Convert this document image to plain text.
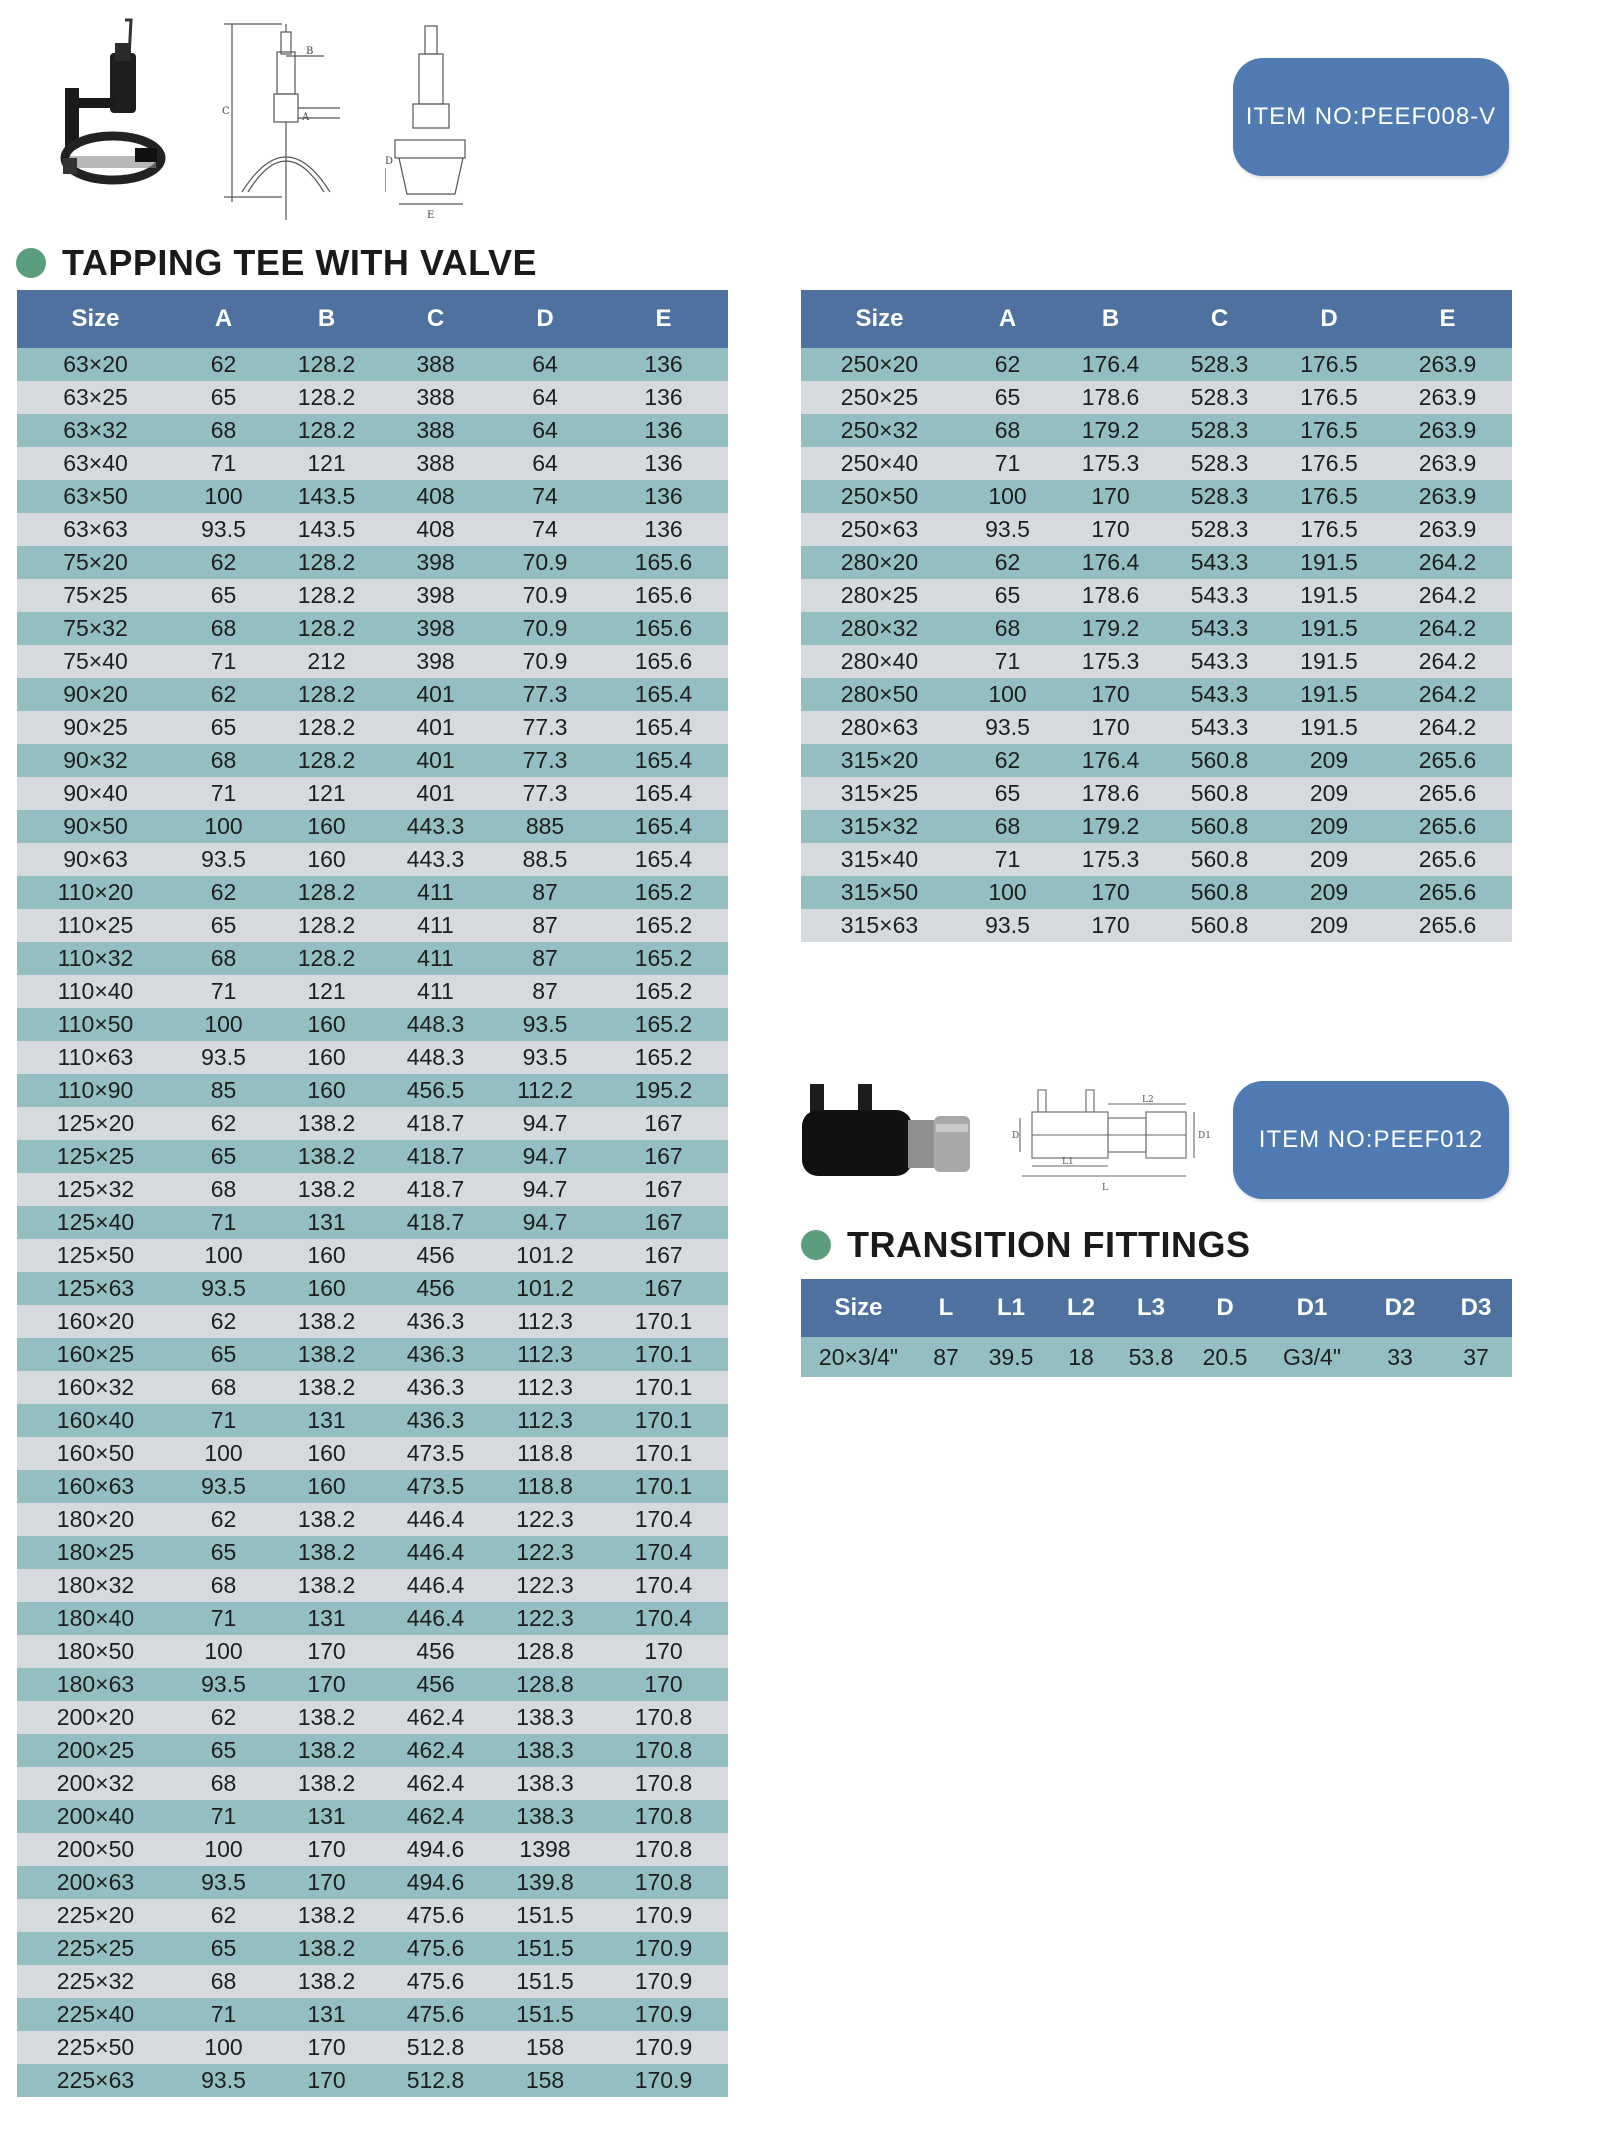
B
C
A
D
E
ITEM NO:PEEF008-V
TAPPING TEE WITH VALVE
Size	A	B	C	D	E
63×20	62	128.2	388	64	136
63×25	65	128.2	388	64	136
63×32	68	128.2	388	64	136
63×40	71	121	388	64	136
63×50	100	143.5	408	74	136
63×63	93.5	143.5	408	74	136
75×20	62	128.2	398	70.9	165.6
75×25	65	128.2	398	70.9	165.6
75×32	68	128.2	398	70.9	165.6
75×40	71	212	398	70.9	165.6
90×20	62	128.2	401	77.3	165.4
90×25	65	128.2	401	77.3	165.4
90×32	68	128.2	401	77.3	165.4
90×40	71	121	401	77.3	165.4
90×50	100	160	443.3	885	165.4
90×63	93.5	160	443.3	88.5	165.4
110×20	62	128.2	411	87	165.2
110×25	65	128.2	411	87	165.2
110×32	68	128.2	411	87	165.2
110×40	71	121	411	87	165.2
110×50	100	160	448.3	93.5	165.2
110×63	93.5	160	448.3	93.5	165.2
110×90	85	160	456.5	112.2	195.2
125×20	62	138.2	418.7	94.7	167
125×25	65	138.2	418.7	94.7	167
125×32	68	138.2	418.7	94.7	167
125×40	71	131	418.7	94.7	167
125×50	100	160	456	101.2	167
125×63	93.5	160	456	101.2	167
160×20	62	138.2	436.3	112.3	170.1
160×25	65	138.2	436.3	112.3	170.1
160×32	68	138.2	436.3	112.3	170.1
160×40	71	131	436.3	112.3	170.1
160×50	100	160	473.5	118.8	170.1
160×63	93.5	160	473.5	118.8	170.1
180×20	62	138.2	446.4	122.3	170.4
180×25	65	138.2	446.4	122.3	170.4
180×32	68	138.2	446.4	122.3	170.4
180×40	71	131	446.4	122.3	170.4
180×50	100	170	456	128.8	170
180×63	93.5	170	456	128.8	170
200×20	62	138.2	462.4	138.3	170.8
200×25	65	138.2	462.4	138.3	170.8
200×32	68	138.2	462.4	138.3	170.8
200×40	71	131	462.4	138.3	170.8
200×50	100	170	494.6	1398	170.8
200×63	93.5	170	494.6	139.8	170.8
225×20	62	138.2	475.6	151.5	170.9
225×25	65	138.2	475.6	151.5	170.9
225×32	68	138.2	475.6	151.5	170.9
225×40	71	131	475.6	151.5	170.9
225×50	100	170	512.8	158	170.9
225×63	93.5	170	512.8	158	170.9
Size	A	B	C	D	E
250×20	62	176.4	528.3	176.5	263.9
250×25	65	178.6	528.3	176.5	263.9
250×32	68	179.2	528.3	176.5	263.9
250×40	71	175.3	528.3	176.5	263.9
250×50	100	170	528.3	176.5	263.9
250×63	93.5	170	528.3	176.5	263.9
280×20	62	176.4	543.3	191.5	264.2
280×25	65	178.6	543.3	191.5	264.2
280×32	68	179.2	543.3	191.5	264.2
280×40	71	175.3	543.3	191.5	264.2
280×50	100	170	543.3	191.5	264.2
280×63	93.5	170	543.3	191.5	264.2
315×20	62	176.4	560.8	209	265.6
315×25	65	178.6	560.8	209	265.6
315×32	68	179.2	560.8	209	265.6
315×40	71	175.3	560.8	209	265.6
315×50	100	170	560.8	209	265.6
315×63	93.5	170	560.8	209	265.6
L
L1
L2
D	D1	ITEM NO:PEEF012
TRANSITION FITTINGS
Size	L	L1	L2	L3	D	D1	D2	D3
20×3/4"	87	39.5	18	53.8	20.5	G3/4"	33	37
